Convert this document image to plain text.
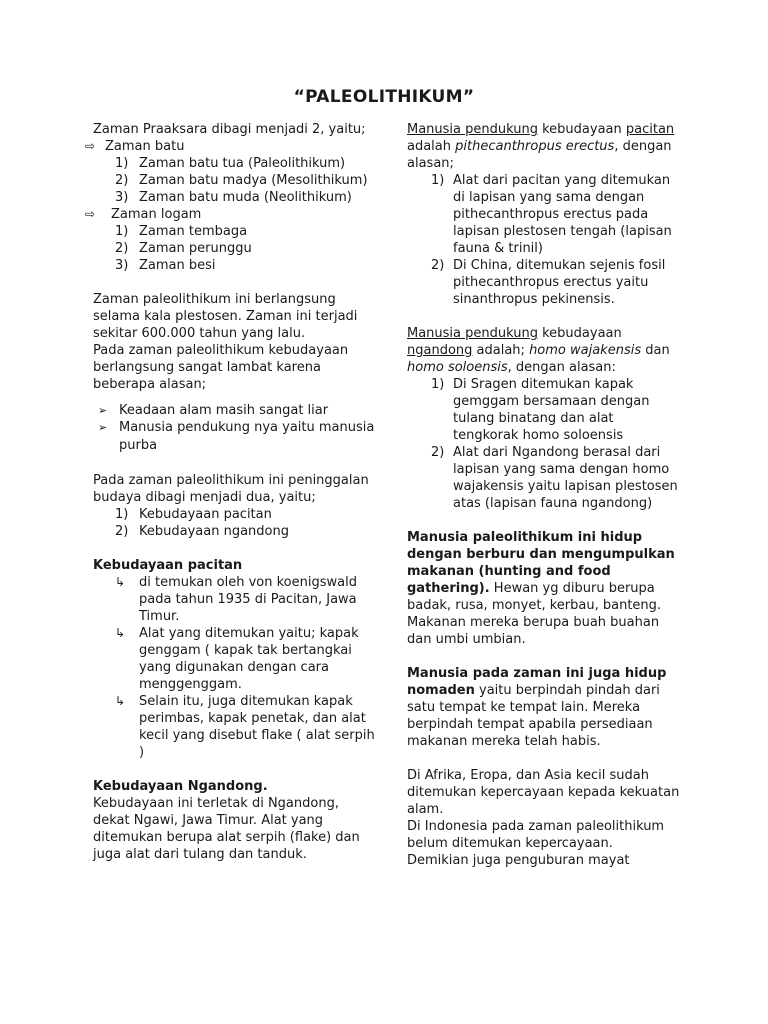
“PALEOLITHIKUM”

Zaman Praaksara dibagi menjadi 2, yaitu;

⇨ Zaman batu
1) Zaman batu tua (Paleolithikum)
2) Zaman batu madya (Mesolithikum)
3) Zaman batu muda (Neolithikum)
⇨ Zaman logam
1) Zaman tembaga
2) Zaman perunggu
3) Zaman besi

Zaman paleolithikum ini berlangsung selama kala plestosen. Zaman ini terjadi sekitar 600.000 tahun yang lalu.

Pada zaman paleolithikum kebudayaan berlangsung sangat lambat karena beberapa alasan;

➢ Keadaan alam masih sangat liar
➢ Manusia pendukung nya yaitu manusia purba

Pada zaman paleolithikum ini peninggalan budaya dibagi menjadi dua, yaitu;

1) Kebudayaan pacitan
2) Kebudayaan ngandong

Kebudayaan pacitan

↳ di temukan oleh von koenigswald pada tahun 1935 di Pacitan, Jawa Timur.
↳ Alat yang ditemukan yaitu; kapak genggam ( kapak tak bertangkai yang digunakan dengan cara menggenggam.
↳ Selain itu, juga ditemukan kapak perimbas, kapak penetak, dan alat kecil yang disebut flake ( alat serpih )

Kebudayaan Ngandong.

Kebudayaan ini terletak di Ngandong, dekat Ngawi, Jawa Timur. Alat yang ditemukan berupa alat serpih (flake) dan juga alat dari tulang dan tanduk.

Manusia pendukung kebudayaan pacitan adalah pithecanthropus erectus, dengan alasan;

1) Alat dari pacitan yang ditemukan di lapisan yang sama dengan pithecanthropus erectus pada lapisan plestosen tengah (lapisan fauna & trinil)
2) Di China, ditemukan sejenis fosil pithecanthropus erectus yaitu sinanthropus pekinensis.

Manusia pendukung kebudayaan ngandong adalah; homo wajakensis dan homo soloensis, dengan alasan:

1) Di Sragen ditemukan kapak gemggam bersamaan dengan tulang binatang dan alat tengkorak homo soloensis
2) Alat dari Ngandong berasal dari lapisan yang sama dengan homo wajakensis yaitu lapisan plestosen atas (lapisan fauna ngandong)

Manusia paleolithikum ini hidup dengan berburu dan mengumpulkan makanan (hunting and food gathering). Hewan yg diburu berupa badak, rusa, monyet, kerbau, banteng. Makanan mereka berupa buah buahan dan umbi umbian.

Manusia pada zaman ini juga hidup nomaden yaitu berpindah pindah dari satu tempat ke tempat lain. Mereka berpindah tempat apabila persediaan makanan mereka telah habis.

Di Afrika, Eropa, dan Asia kecil sudah ditemukan kepercayaan kepada kekuatan alam.

Di Indonesia pada zaman paleolithikum belum ditemukan kepercayaan.

Demikian juga penguburan mayat
